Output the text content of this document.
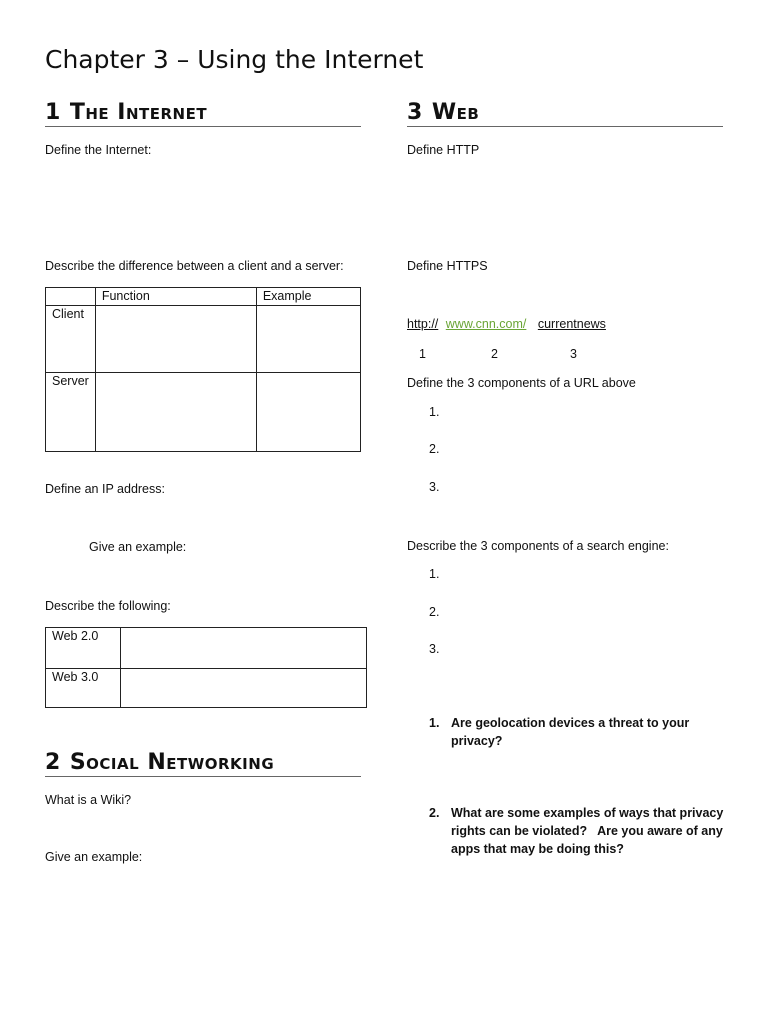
Chapter 3 – Using the Internet
1 The Internet
Define the Internet:
Describe the difference between a client and a server:
	Function	Example
Client		
Server		
Define an IP address:
Give an example:
Describe the following:
Web 2.0	
Web 3.0	
2 Social Networking
What is a Wiki?
Give an example:
3 Web
Define HTTP
Define HTTPS
http:// www.cnn.com/ currentnews
1	2	3
Define the 3 components of a URL above
1.
2.
3.
Describe the 3 components of a search engine:
1.
2.
3.
1. Are geolocation devices a threat to your
privacy?
2. What are some examples of ways that privacy
rights can be violated?   Are you aware of any
apps that may be doing this?
